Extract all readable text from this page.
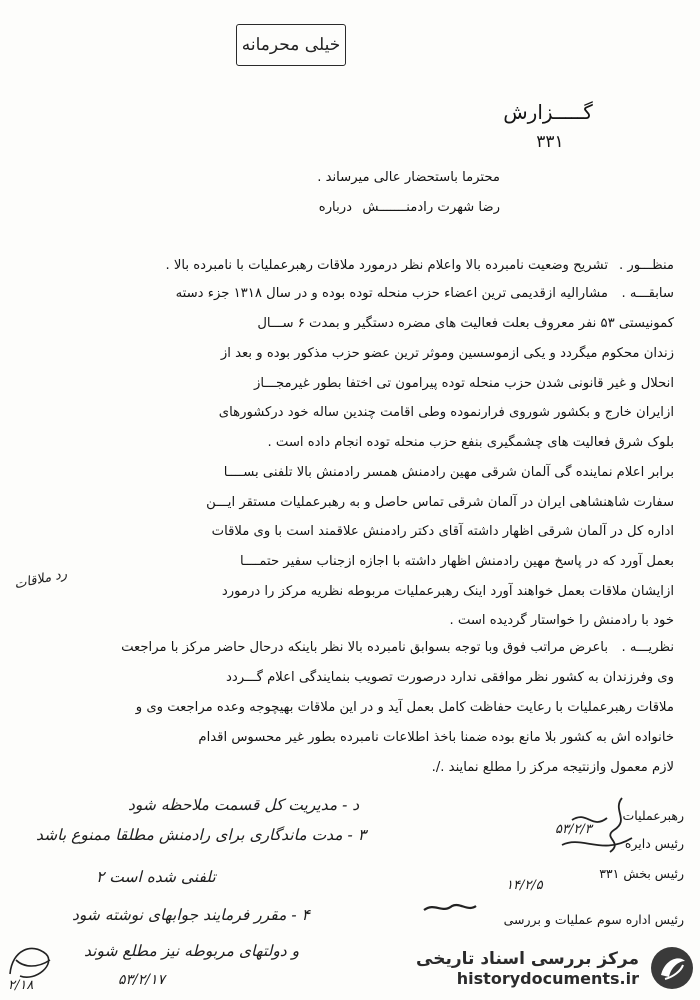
خیلی محرمانه
گـــــزارش
۳۳۱
محترما باستحضار عالی میرساند .
درباره رضا شهرت رادمنـــــــش
منظـــور .
سابقـــه .
نظریـــه .
تشریح وضعیت نامبرده بالا واعلام نظر درمورد ملاقات رهبرعملیات با نامبرده بالا .
مشارالیه ازقدیمی ترین اعضاء حزب منحله توده بوده و در سال ۱۳۱۸ جزء دسته
کمونیستی ۵۳ نفر معروف بعلت فعالیت های مضره دستگیر و بمدت ۶ ســـال
زندان محکوم میگردد و یکی ازموسسین وموثر ترین عضو حزب مذکور بوده و بعد از
انحلال و غیر قانونی شدن حزب منحله توده پیرامون تی اختفا بطور غیرمجـــاز
ازایران خارج و بکشور شوروی فرارنموده وطی اقامت چندین ساله خود درکشورهای
بلوک شرق فعالیت های چشمگیری بنفع حزب منحله توده انجام داده است .
برابر اعلام نماینده گی آلمان شرقی مهین رادمنش همسر رادمنش بالا تلفنی بســــا
سفارت شاهنشاهی ایران در آلمان شرقی تماس حاصل و به رهبرعملیات مستقر ایـــن
اداره کل در آلمان شرقی اظهار داشته آقای دکتر رادمنش علاقمند است با وی ملاقات
بعمل آورد که در پاسخ مهین رادمنش اظهار داشته با اجازه ازجناب سفیر حتمــــا
ازایشان ملاقات بعمل خواهند آورد اینک رهبرعملیات مربوطه نظریه مرکز را درمورد
خود با رادمنش را خواستار گردیده است .
باعرض مراتب فوق وبا توجه بسوابق نامبرده بالا نظر باینکه درحال حاضر مرکز با مراجعت
وی وفرزندان به کشور نظر موافقی ندارد درصورت تصویب بنمایندگی اعلام گـــردد
ملاقات رهبرعملیات با رعایت حفاظت کامل بعمل آید و در این ملاقات بهیچوجه وعده مراجعت وی و
خانواده اش به کشور بلا مانع بوده ضمنا باخذ اطلاعات نامبرده بطور غیر محسوس اقدام
لازم معمول وازنتیجه مرکز را مطلع نمایند ./.
رد ملاقات
د - مدیریت کل قسمت ملاحظه شود
۳ - مدت ماندگاری برای رادمنش مطلقا ممنوع باشد
تلفنی شده است ۲
۴ - مقرر فرمایند جوابهای نوشته شود
و دولتهای مربوطه نیز مطلع شوند
۵۳/۲/۱۷
۲/۱۸
رهبرعملیات
۵۳/۲/۳
رئیس دایره
رئیس بخش ۳۳۱
۱۴/۲/۵
رئیس اداره سوم عملیات و بررسی
مرکز بررسی اسناد تاریخی
historydocuments.ir
